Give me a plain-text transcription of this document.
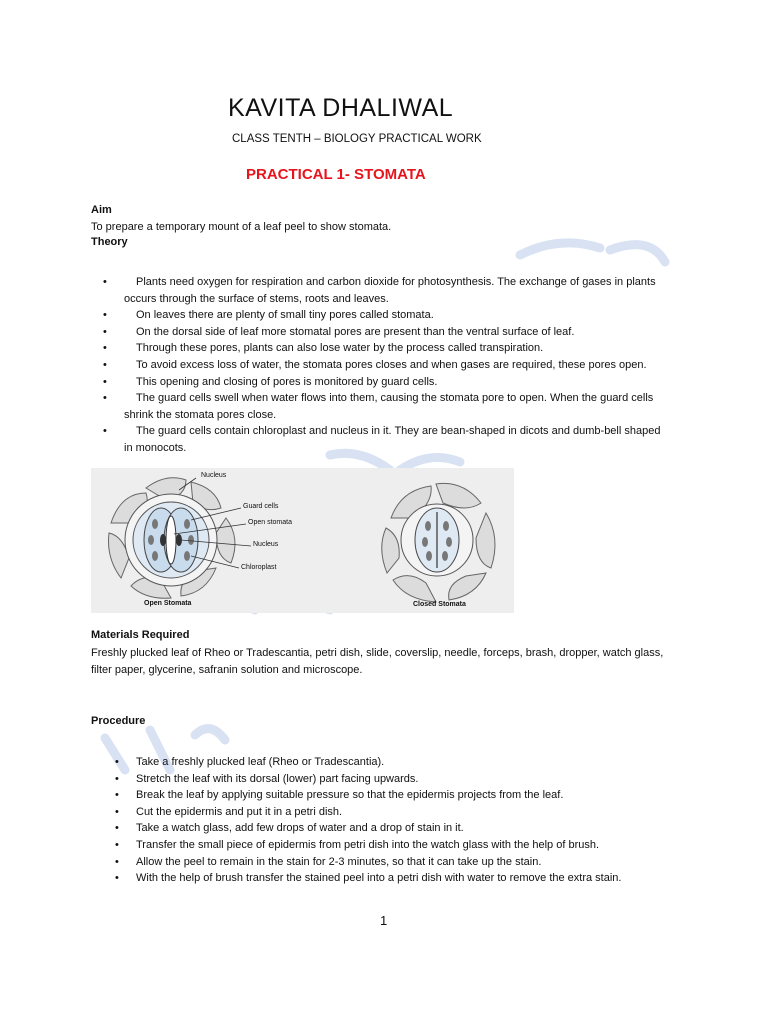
KAVITA DHALIWAL
CLASS TENTH – BIOLOGY PRACTICAL WORK
PRACTICAL 1- STOMATA
Aim
To prepare a temporary mount of a leaf peel to show stomata.
Theory
•	Plants need oxygen for respiration and carbon dioxide for photosynthesis. The exchange of gases in plants occurs through the surface of stems, roots and leaves.
•	On leaves there are plenty of small tiny pores called stomata.
•	On the dorsal side of leaf more stomatal pores are present than the ventral surface of leaf.
•	Through these pores, plants can also lose water by the process called transpiration.
•	To avoid excess loss of water, the stomata pores closes and when gases are required, these pores open.
•	This opening and closing of pores is monitored by guard cells.
•	The guard cells swell when water flows into them, causing the stomata pore to open. When the guard cells shrink the stomata pores close.
•	The guard cells contain chloroplast and nucleus in it. They are bean-shaped in dicots and dumb-bell shaped in monocots.
Nucleus
Guard cells
Open stomata
Nucleus
Chloroplast
Open Stomata	Closed Stomata
Materials Required
Freshly plucked leaf of Rheo or Tradescantia, petri dish, slide, coverslip, needle, forceps, brash, dropper, watch glass, filter paper, glycerine, safranin solution and microscope.
Procedure
• Take a freshly plucked leaf (Rheo or Tradescantia).
• Stretch the leaf with its dorsal (lower) part facing upwards.
• Break the leaf by applying suitable pressure so that the epidermis projects from the leaf.
• Cut the epidermis and put it in a petri dish.
• Take a watch glass, add few drops of water and a drop of stain in it.
• Transfer the small piece of epidermis from petri dish into the watch glass with the help of brush.
• Allow the peel to remain in the stain for 2-3 minutes, so that it can take up the stain.
• With the help of brush transfer the stained peel into a petri dish with water to remove the extra stain.
1
